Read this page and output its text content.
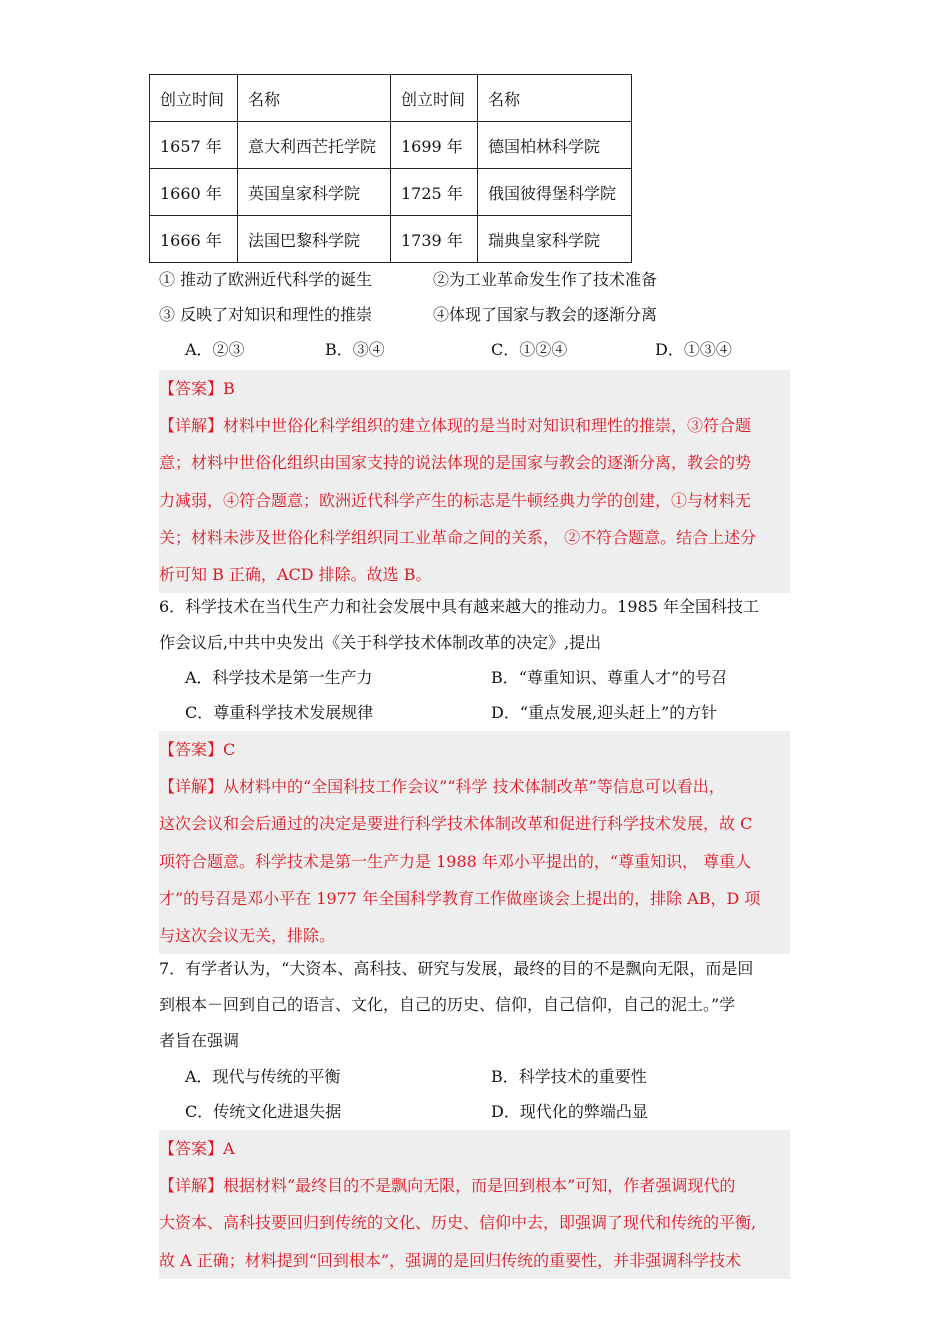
创立时间	名称	创立时间	名称
1657 年	意大利西芒托学院	1699 年	德国柏林科学院
1660 年	英国皇家科学院	1725 年	俄国彼得堡科学院
1666 年	法国巴黎科学院	1739 年	瑞典皇家科学院
① 推动了欧洲近代科学的诞生	②为工业革命发生作了技术准备
③ 反映了对知识和理性的推崇	④体现了国家与教会的逐渐分离
A．②③	B．③④	C．①②④	D．①③④

【答案】B

【详解】材料中世俗化科学组织的建立体现的是当时对知识和理性的推崇，③符合题

意；材料中世俗化组织由国家支持的说法体现的是国家与教会的逐渐分离，教会的势

力减弱，④符合题意；欧洲近代科学产生的标志是牛顿经典力学的创建，①与材料无

关；材料未涉及世俗化科学组织同工业革命之间的关系， ②不符合题意。结合上述分

析可知 B 正确，ACD 排除。故选 B。

6．科学技术在当代生产力和社会发展中具有越来越大的推动力。1985 年全国科技工
作会议后,中共中央发出《关于科学技术体制改革的决定》,提出
A．科学技术是第一生产力	B．“尊重知识、尊重人才”的号召
C．尊重科学技术发展规律	D．“重点发展,迎头赶上”的方针

【答案】C

【详解】从材料中的“全国科技工作会议”“科学 技术体制改革”等信息可以看出，

这次会议和会后通过的决定是要进行科学技术体制改革和促进行科学技术发展，故 C

项符合题意。科学技术是第一生产力是 1988 年邓小平提出的，“尊重知识， 尊重人

才”的号召是邓小平在 1977 年全国科学教育工作做座谈会上提出的，排除 AB，D 项

与这次会议无关，排除。

7．有学者认为，“大资本、高科技、研究与发展，最终的目的不是飘向无限，而是回
到根本－回到自己的语言、文化，自己的历史、信仰，自己信仰，自己的泥土。”学
者旨在强调
A．现代与传统的平衡	B．科学技术的重要性
C．传统文化进退失据	D．现代化的弊端凸显

【答案】A

【详解】根据材料“最终目的不是飘向无限，而是回到根本”可知，作者强调现代的

大资本、高科技要回归到传统的文化、历史、信仰中去，即强调了现代和传统的平衡,

故 A 正确；材料提到“回到根本”，强调的是回归传统的重要性，并非强调科学技术
